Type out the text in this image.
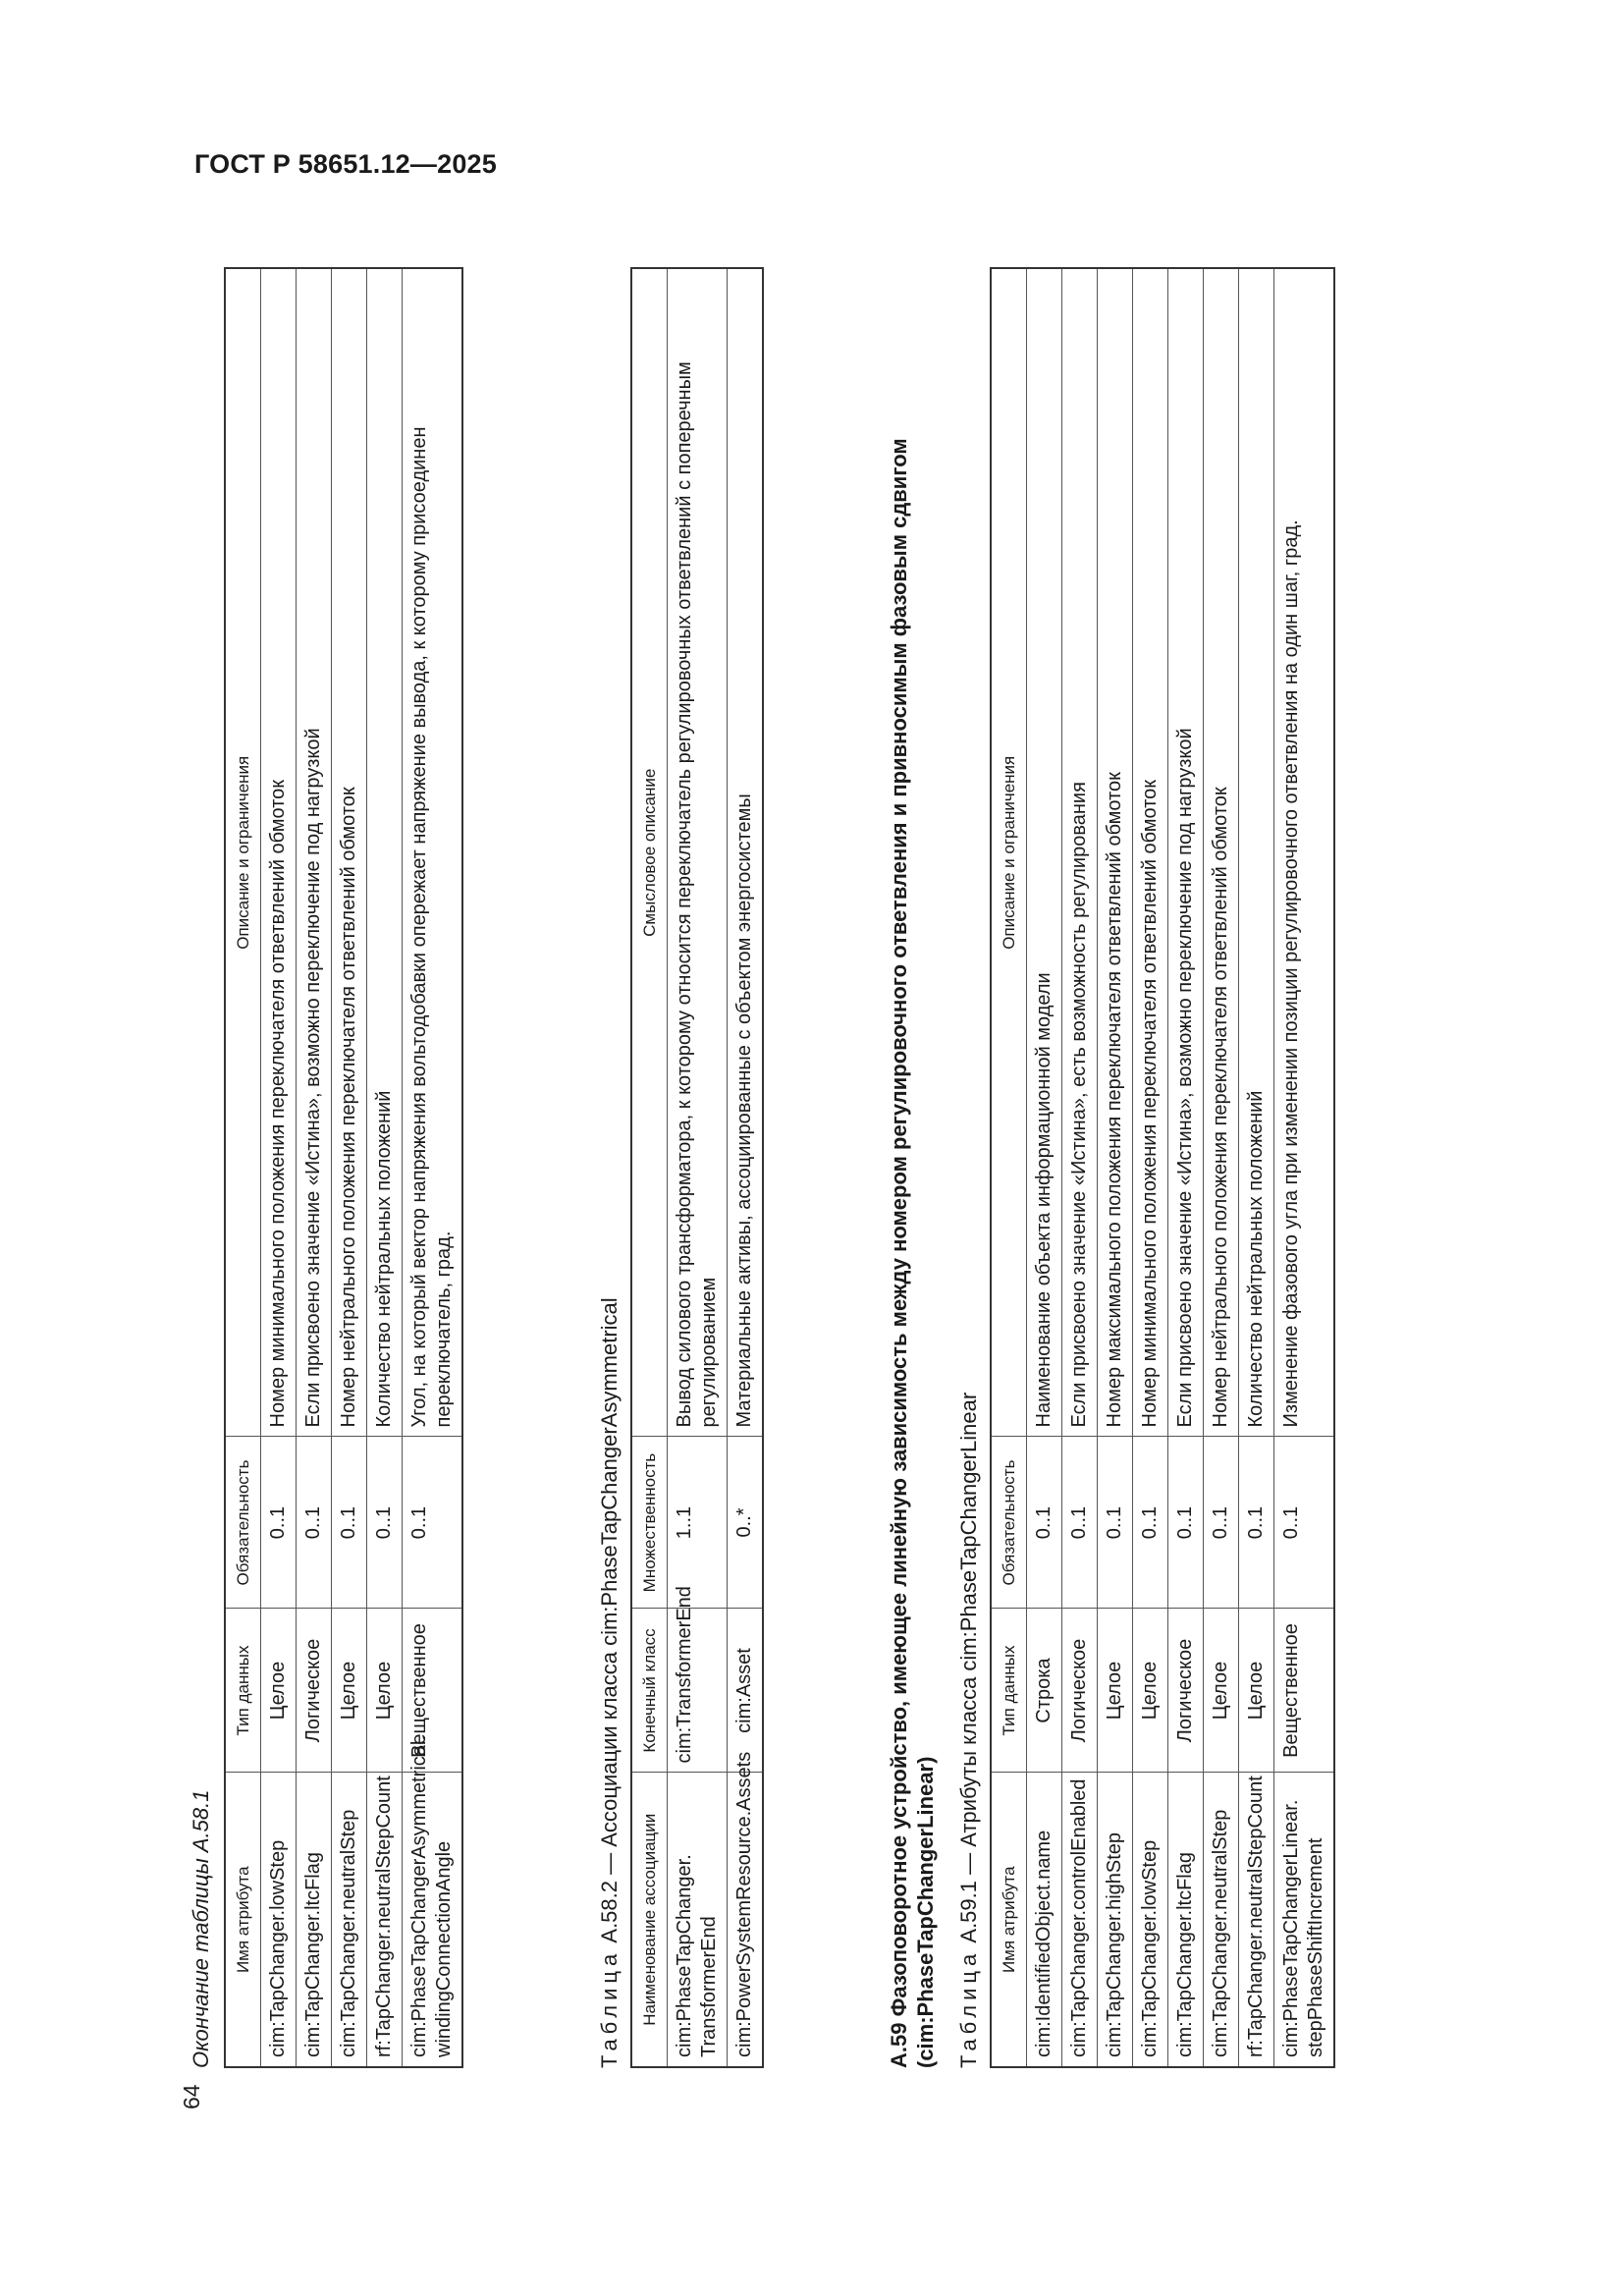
ГОСТ Р 58651.12—2025
64
Окончание таблицы А.58.1 Имя атрибута	Тип данных	Обязательность	Описание и ограничения
cim:TapChanger.lowStep	Целое	0..1	Номер минимального положения переключателя ответвлений обмоток
cim:TapChanger.ltcFlag	Логическое	0..1	Если присвоено значение «Истина», возможно переключение под нагрузкой
cim:TapChanger.neutralStep	Целое	0..1	Номер нейтрального положения переключателя ответвлений обмоток
rf:TapChanger.neutralStepCount	Целое	0..1	Количество нейтральных положений
cim:PhaseTapChangerAsymmetrical. windingConnectionAngle	Вещественное	0..1	Угол, на который вектор напряжения вольтодобавки опережает напряжение вывода, к которому присоединен переключатель, град.
Таблица А.58.2 — Ассоциации класса cim:PhaseTapChangerAsymmetrical Наименование ассоциации	Конечный класс	Множественность	Смысловое описание
cim:PhaseTapChanger. TransformerEnd	cim:TransformerEnd	1..1	Вывод силового трансформатора, к которому относится переключатель регулировочных ответвлений с поперечным регулированием
cim:PowerSystemResource.Assets	cim:Asset	0..*	Материальные активы, ассоциированные с объектом энергосистемы	А.59 Фазоповоротное устройство, имеющее линейную зависимость между номером регулировочного ответвления и привносимым фазовым сдвигом (cim:PhaseTapChangerLinear) Таблица А.59.1 — Атрибуты класса cim:PhaseTapChangerLinear Имя атрибута	Тип данных	Обязательность	Описание и ограничения
cim:IdentifiedObject.name	Строка	0..1	Наименование объекта информационной модели
cim:TapChanger.controlEnabled	Логическое	0..1	Если присвоено значение «Истина», есть возможность регулирования
cim:TapChanger.highStep	Целое	0..1	Номер максимального положения переключателя ответвлений обмоток
cim:TapChanger.lowStep	Целое	0..1	Номер минимального положения переключателя ответвлений обмоток
cim:TapChanger.ltcFlag	Логическое	0..1	Если присвоено значение «Истина», возможно переключение под нагрузкой
cim:TapChanger.neutralStep	Целое	0..1	Номер нейтрального положения переключателя ответвлений обмоток
rf:TapChanger.neutralStepCount	Целое	0..1	Количество нейтральных положений
cim:PhaseTapChangerLinear. stepPhaseShiftIncrement	Вещественное	0..1	Изменение фазового угла при изменении позиции регулировочного ответвления на один шаг, град.
